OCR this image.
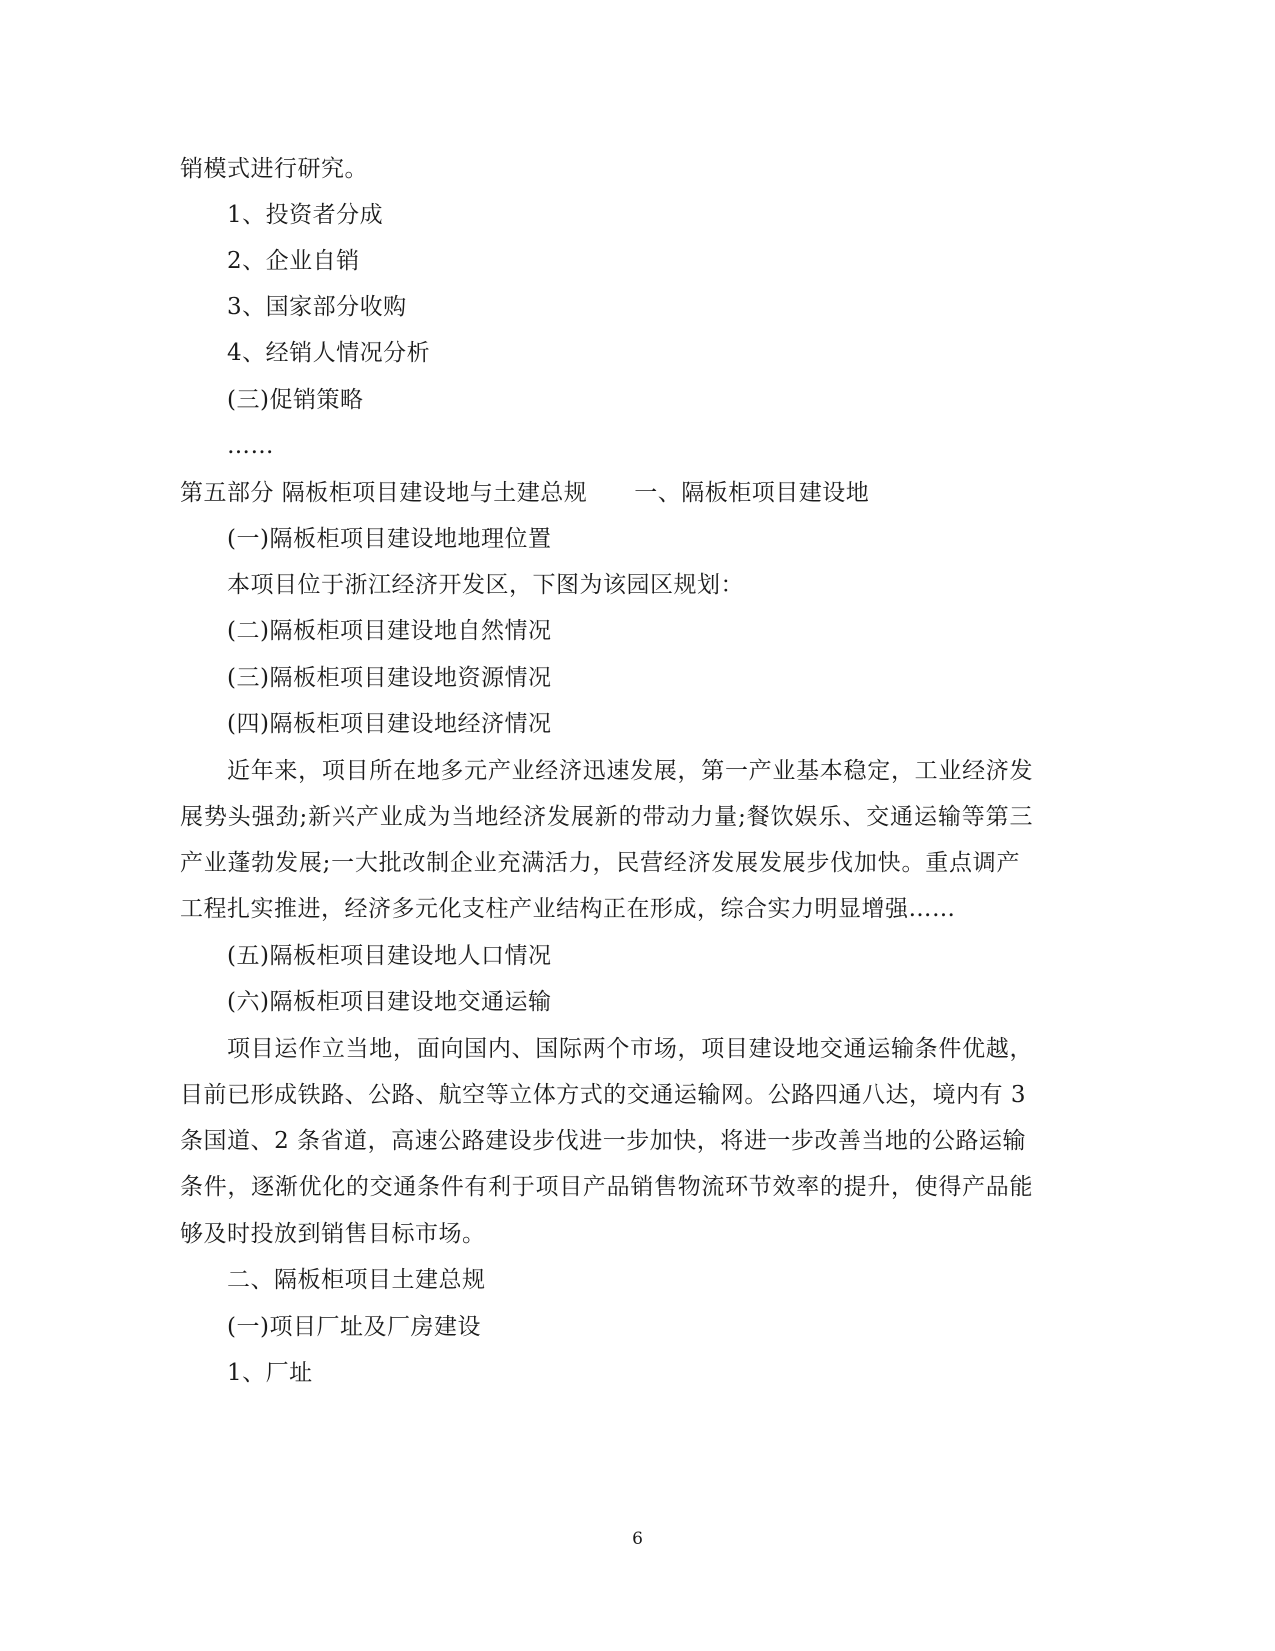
销模式进行研究。
1、投资者分成
2、企业自销
3、国家部分收购
4、经销人情况分析
(三)促销策略
……
第五部分 隔板柜项目建设地与土建总规　　一、隔板柜项目建设地
(一)隔板柜项目建设地地理位置
本项目位于浙江经济开发区，下图为该园区规划：
(二)隔板柜项目建设地自然情况
(三)隔板柜项目建设地资源情况
(四)隔板柜项目建设地经济情况
近年来，项目所在地多元产业经济迅速发展，第一产业基本稳定，工业经济发
展势头强劲;新兴产业成为当地经济发展新的带动力量;餐饮娱乐、交通运输等第三
产业蓬勃发展;一大批改制企业充满活力，民营经济发展发展步伐加快。重点调产
工程扎实推进，经济多元化支柱产业结构正在形成，综合实力明显增强……
(五)隔板柜项目建设地人口情况
(六)隔板柜项目建设地交通运输
项目运作立当地，面向国内、国际两个市场，项目建设地交通运输条件优越，
目前已形成铁路、公路、航空等立体方式的交通运输网。公路四通八达，境内有 3
条国道、2 条省道，高速公路建设步伐进一步加快，将进一步改善当地的公路运输
条件，逐渐优化的交通条件有利于项目产品销售物流环节效率的提升，使得产品能
够及时投放到销售目标市场。
二、隔板柜项目土建总规
(一)项目厂址及厂房建设
1、厂址
6
